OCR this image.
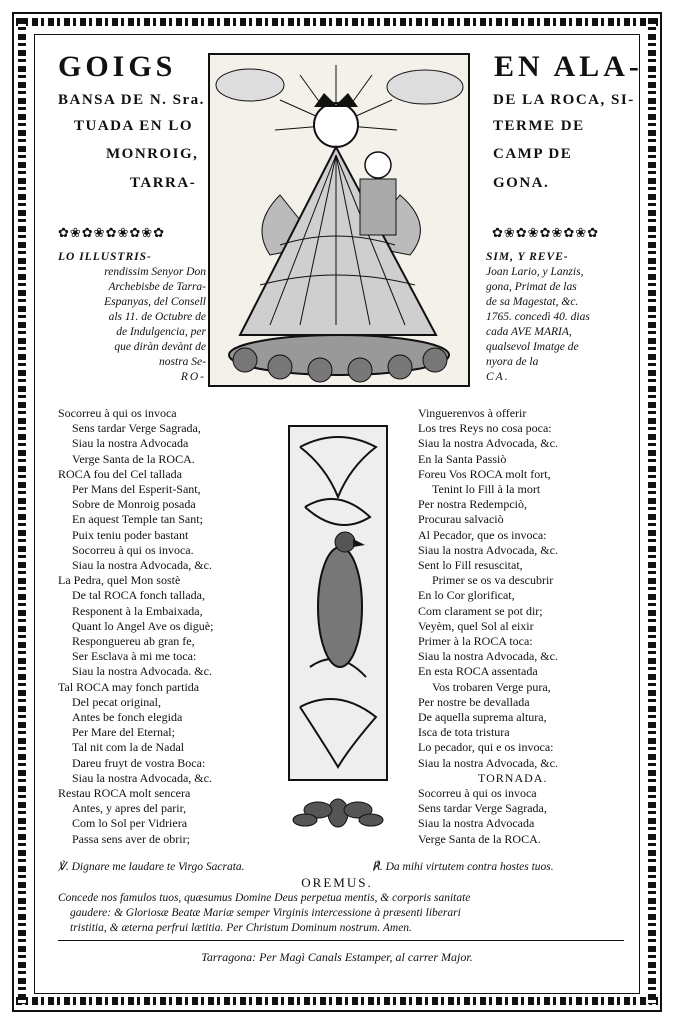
GOIGS
BANSA DE N. Sra.
TUADA EN LO
MONROIG,
TARRA-
EN ALA-
DE LA ROCA, SI-
TERME DE
CAMP DE
GONA.
✿❀✿❀✿❀✿❀✿	✿❀✿❀✿❀✿❀✿
LO ILLUSTRIS-
rendissim Senyor Don
Archebisbe de Tarra-
Espanyas, del Consell
als 11. de Octubre de
de Indulgencia, per
que diràn devànt de
nostra Se-
RO-
SIM, Y REVE-
Joan Lario, y Lanzis,
gona, Primat de las
de sa Magestat, &c.
1765. concedì 40. dias
cada AVE MARIA,
qualsevol Imatge de
nyora de la
CA.
Socorreu à qui os invoca
Sens tardar Verge Sagrada,
Siau la nostra Advocada
Verge Santa de la ROCA.
ROCA fou del Cel tallada
Per Mans del Esperit-Sant,
Sobre de Monroig posada
En aquest Temple tan Sant;
Puix teniu poder bastant
Socorreu à qui os invoca.
Siau la nostra Advocada, &c.
La Pedra, quel Mon sostè
De tal ROCA fonch tallada,
Responent à la Embaixada,
Quant lo Angel Ave os diguè;
Responguereu ab gran fe,
Ser Esclava à mi me toca:
Siau la nostra Advocada. &c.
Tal ROCA may fonch partida
Del pecat original,
Antes be fonch elegida
Per Mare del Eternal;
Tal nit com la de Nadal
Dareu fruyt de vostra Boca:
Siau la nostra Advocada, &c.
Restau ROCA molt sencera
Antes, y apres del parir,
Com lo Sol per Vidriera
Passa sens aver de obrir;
Vinguerenvos à offerir
Los tres Reys no cosa poca:
Siau la nostra Advocada, &c.
En la Santa Passiò
Foreu Vos ROCA molt fort,
Tenint lo Fill à la mort
Per nostra Redempciò,
Procurau salvaciò
Al Pecador, que os invoca:
Siau la nostra Advocada, &c.
Sent lo Fill resuscitat,
Primer se os va descubrir
En lo Cor glorificat,
Com clarament se pot dir;
Veyèm, quel Sol al eixir
Primer à la ROCA toca:
Siau la nostra Advocada, &c.
En esta ROCA assentada
Vos trobaren Verge pura,
Per nostre be devallada
De aquella suprema altura,
Isca de tota tristura
Lo pecador, qui e os invoca:
Siau la nostra Advocada, &c.
TORNADA.
Socorreu à qui os invoca
Sens tardar Verge Sagrada,
Siau la nostra Advocada
Verge Santa de la ROCA.
℣. Dignare me laudare te Virgo Sacrata.	℟. Da mihi virtutem contra hostes tuos.
OREMUS.
Concede nos famulos tuos, quæsumus Domine Deus perpetua mentis, & corporis sanitate
gaudere: & Gloriosæ Beatæ Mariæ semper Virginis intercessione à præsenti liberari
tristitia, & æterna perfrui lætitia. Per Christum Dominum nostrum. Amen.
Tarragona: Per Magì Canals Estamper, al carrer Major.
